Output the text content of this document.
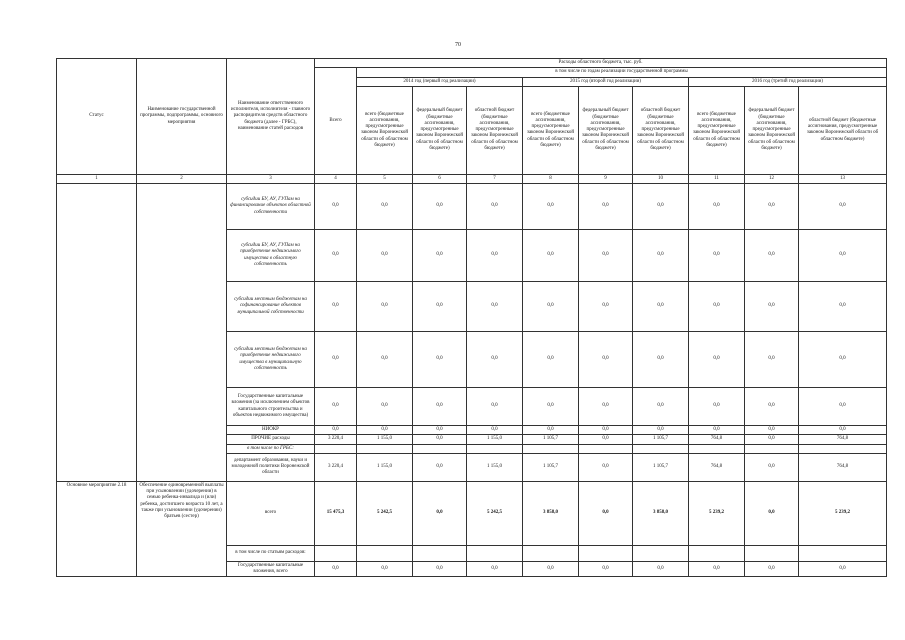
70
Статус	Наименование государственной программы, подпрограммы, основного мероприятия	Наименование ответственного исполнителя, исполнителя - главного распорядителя средств областного бюджета (далее - ГРБС), наименование статей расходов	Расходы областного бюджета, тыс. руб.									
			Всего	в том числе по годам реализации государственной программы								
				2014 год (первый год реализации)			2015 год (второй год реализации)			2016 год (третий год реализации)		
				всего (бюджетные ассигнования, предусмотренные законом Воронежской области об областном бюджете)	федеральный бюджет (бюджетные ассигнования, предусмотренные законом Воронежской области об областном бюджете)	областной бюджет (бюджетные ассигнования, предусмотренные законом Воронежской области об областном бюджете)	всего (бюджетные ассигнования, предусмотренные законом Воронежской области об областном бюджете)	федеральный бюджет (бюджетные ассигнования, предусмотренные законом Воронежской области об областном бюджете)	областной бюджет (бюджетные ассигнования, предусмотренные законом Воронежской области об областном бюджете)	всего (бюджетные ассигнования, предусмотренные законом Воронежской области об областном бюджете)	федеральный бюджет (бюджетные ассигнования, предусмотренные законом Воронежской области об областном бюджете)	областной бюджет (бюджетные ассигнования, предусмотренные законом Воронежской области об областном бюджете)
1	2	3	4	5	6	7	8	9	10	11	12	13
		субсидии БУ, АУ, ГУПам на финансирование объектов областной собственности	0,0	0,0	0,0	0,0	0,0	0,0	0,0	0,0	0,0	0,0
		субсидии БУ, АУ, ГУПам на приобретение недвижимого имущества в областную собственность	0,0	0,0	0,0	0,0	0,0	0,0	0,0	0,0	0,0	0,0
		субсидии местным бюджетам на софинансирование объектов муниципальной собственности	0,0	0,0	0,0	0,0	0,0	0,0	0,0	0,0	0,0	0,0
		субсидии местным бюджетам на приобретение недвижимого имущества в муниципальную собственность	0,0	0,0	0,0	0,0	0,0	0,0	0,0	0,0	0,0	0,0
		Государственные капитальные вложения (за исключением объектов капитального строительства и объектов недвижимого имущества)	0,0	0,0	0,0	0,0	0,0	0,0	0,0	0,0	0,0	0,0
		НИОКР	0,0	0,0	0,0	0,0	0,0	0,0	0,0	0,0	0,0	0,0
		ПРОЧИЕ расходы	3 220,4	1 155,0	0,0	1 155,0	1 105,7	0,0	1 105,7	764,8	0,0	764,8
		в том числе по ГРБС:										
		департамент образования, науки и молодежной политики Воронежской области	3 220,4	1 155,0	0,0	1 155,0	1 105,7	0,0	1 105,7	764,8	0,0	764,8
Основное мероприятие 2.18	Обеспечение единовременной выплаты при усыновлении (удочерении) в семью ребенка-инвалида и (или) ребенка, достигшего возраста 10 лет, а также при усыновлении (удочерении) братьев (сестер)	всего	15 475,3	5 242,5	0,0	5 242,5	3 858,0	0,0	3 858,0	5 239,2	0,0	5 239,2
		в том числе по статьям расходов:										
		Государственные капитальные вложения, всего	0,0	0,0	0,0	0,0	0,0	0,0	0,0	0,0	0,0	0,0
